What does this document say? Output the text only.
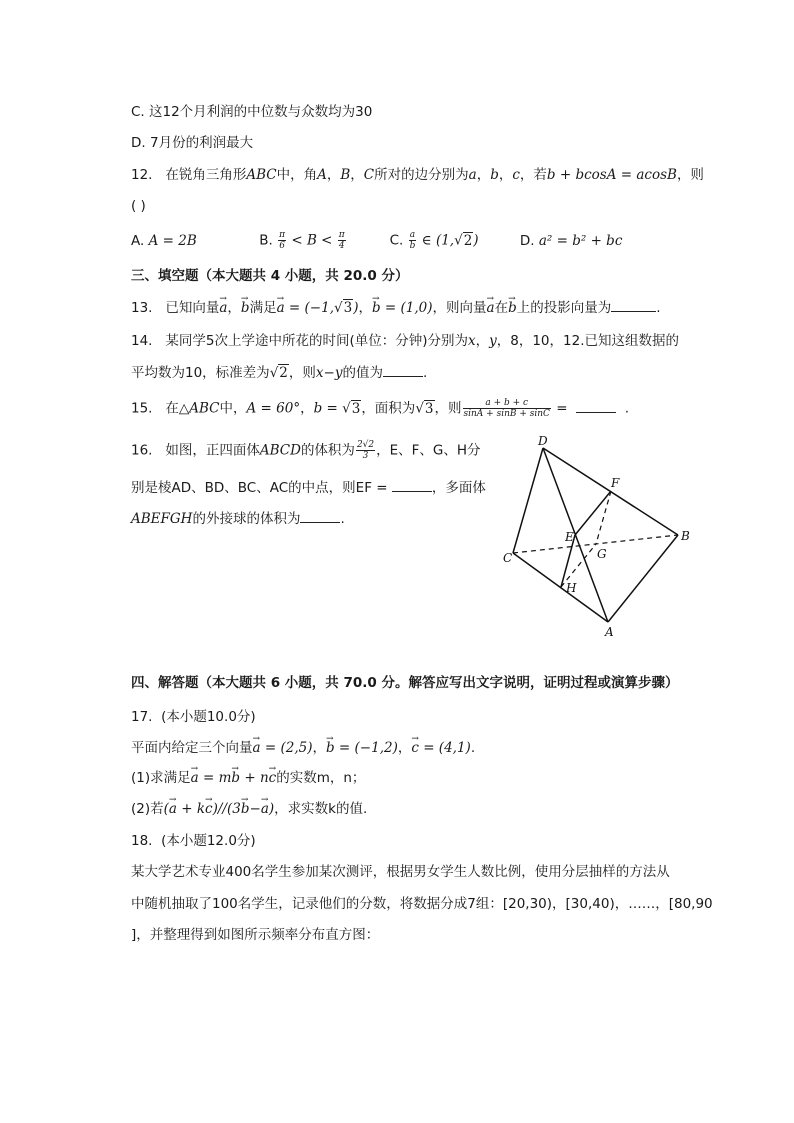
C. 这12个月利润的中位数与众数均为30
D. 7月份的利润最大
12. 在锐角三角形ABC中，角A，B，C所对的边分别为a，b，c，若b + bcosA = acosB，则
( )
A. A = 2B	B. $\frac{\pi}{6} < B < \frac{\pi}{4}$	C. $\frac{a}{b}$ ∈ (1,√2)	D. a² = b² + bc
三、填空题（本大题共 4 小题，共 20.0 分）
13. 已知向量→ a，→ b满足→ a = (−1,√3)，→ b = (1,0)，则向量→ a在→ b上的投影向量为	.
14. 某同学5次上学途中所花的时间(单位：分钟)分别为x，y，8，10，12.已知这组数据的
平均数为10，标准差为√2，则x−y的值为	.
15. 在△ABC中，A = 60°，b = √3，面积为√3，则 $\frac{a + b + c}{\sin A + \sin B + \sin C}$ =	.
16. 如图，正四面体ABCD的体积为 $\frac{2√2}{3}$ ，E、F、G、H分
别是棱AD、BD、BC、AC的中点，则EF =	，多面体
ABEFGH的外接球的体积为	.
D
F
E
G
B
C
H
A
四、解答题（本大题共 6 小题，共 70.0 分。解答应写出文字说明，证明过程或演算步骤）
17. (本小题10.0分)
平面内给定三个向量→ a = (2,5)，→ b = (−1,2)，→ c = (4,1).
(1)求满足→ a = m→ b + n→ c的实数m，n；
(2)若(→ a + k→ c)//(3→ b−→ a)，求实数k的值.
18. (本小题12.0分)
某大学艺术专业400名学生参加某次测评，根据男女学生人数比例，使用分层抽样的方法从
中随机抽取了100名学生，记录他们的分数，将数据分成7组：[20,30)，[30,40)，……，[80,90
]，并整理得到如图所示频率分布直方图：
